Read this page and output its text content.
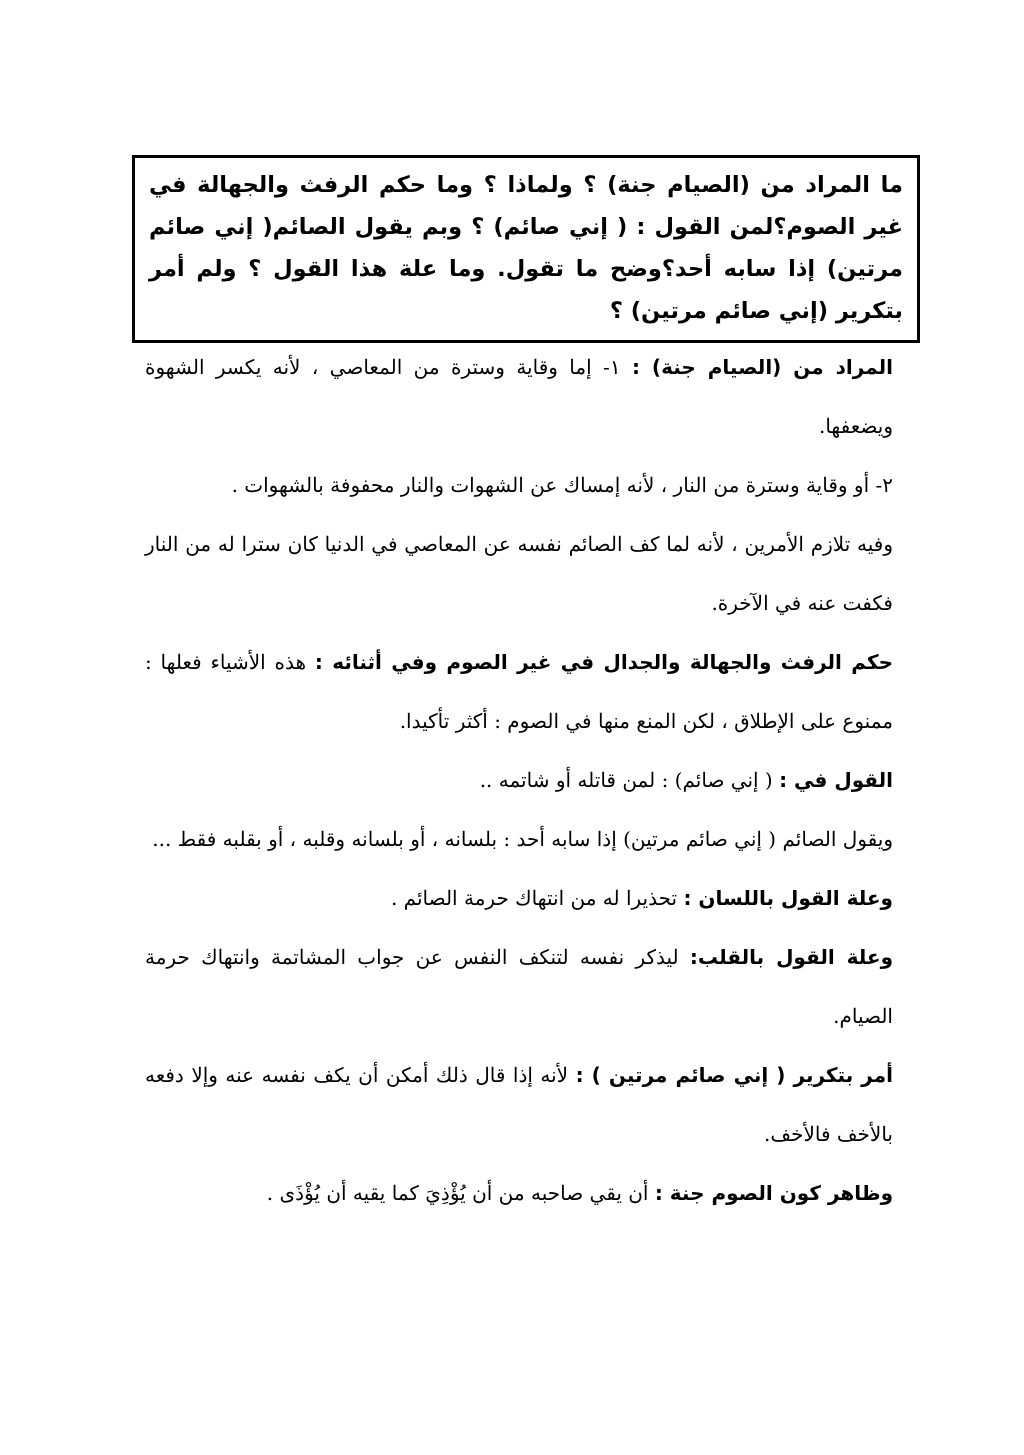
ما المراد من (الصيام جنة) ؟ ولماذا ؟ وما حكم الرفث والجهالة في غير الصوم؟لمن القول : ( إني صائم) ؟ وبم يقول الصائم( إني صائم مرتين) إذا سابه أحد؟وضح ما تقول. وما علة هذا القول ؟ ولم أمر بتكرير (إني صائم مرتين) ؟

المراد من (الصيام جنة) : ١- إما وقاية وسترة من المعاصي ، لأنه يكسر الشهوة ويضعفها.

٢- أو وقاية وسترة من النار ، لأنه إمساك عن الشهوات والنار محفوفة بالشهوات .

وفيه تلازم الأمرين ، لأنه لما كف الصائم نفسه عن المعاصي في الدنيا كان سترا له من النار فكفت عنه في الآخرة.

حكم الرفث والجهالة والجدال في غير الصوم وفي أثنائه : هذه الأشياء فعلها : ممنوع على الإطلاق ، لكن المنع منها في الصوم : أكثر تأكيدا.

القول في : ( إني صائم) : لمن قاتله أو شاتمه ..

ويقول الصائم ( إني صائم مرتين) إذا سابه أحد : بلسانه ، أو بلسانه وقلبه ، أو بقلبه فقط ...

وعلة القول باللسان : تحذيرا له من انتهاك حرمة الصائم .

وعلة القول بالقلب: ليذكر نفسه لتنكف النفس عن جواب المشاتمة وانتهاك حرمة الصيام.

أمر بتكرير ( إني صائم مرتين ) : لأنه إذا قال ذلك أمكن أن يكف نفسه عنه وإلا دفعه بالأخف فالأخف.

وظاهر كون الصوم جنة : أن يقي صاحبه من أن يُؤْذِيَ كما يقيه أن يُؤْذَى .
